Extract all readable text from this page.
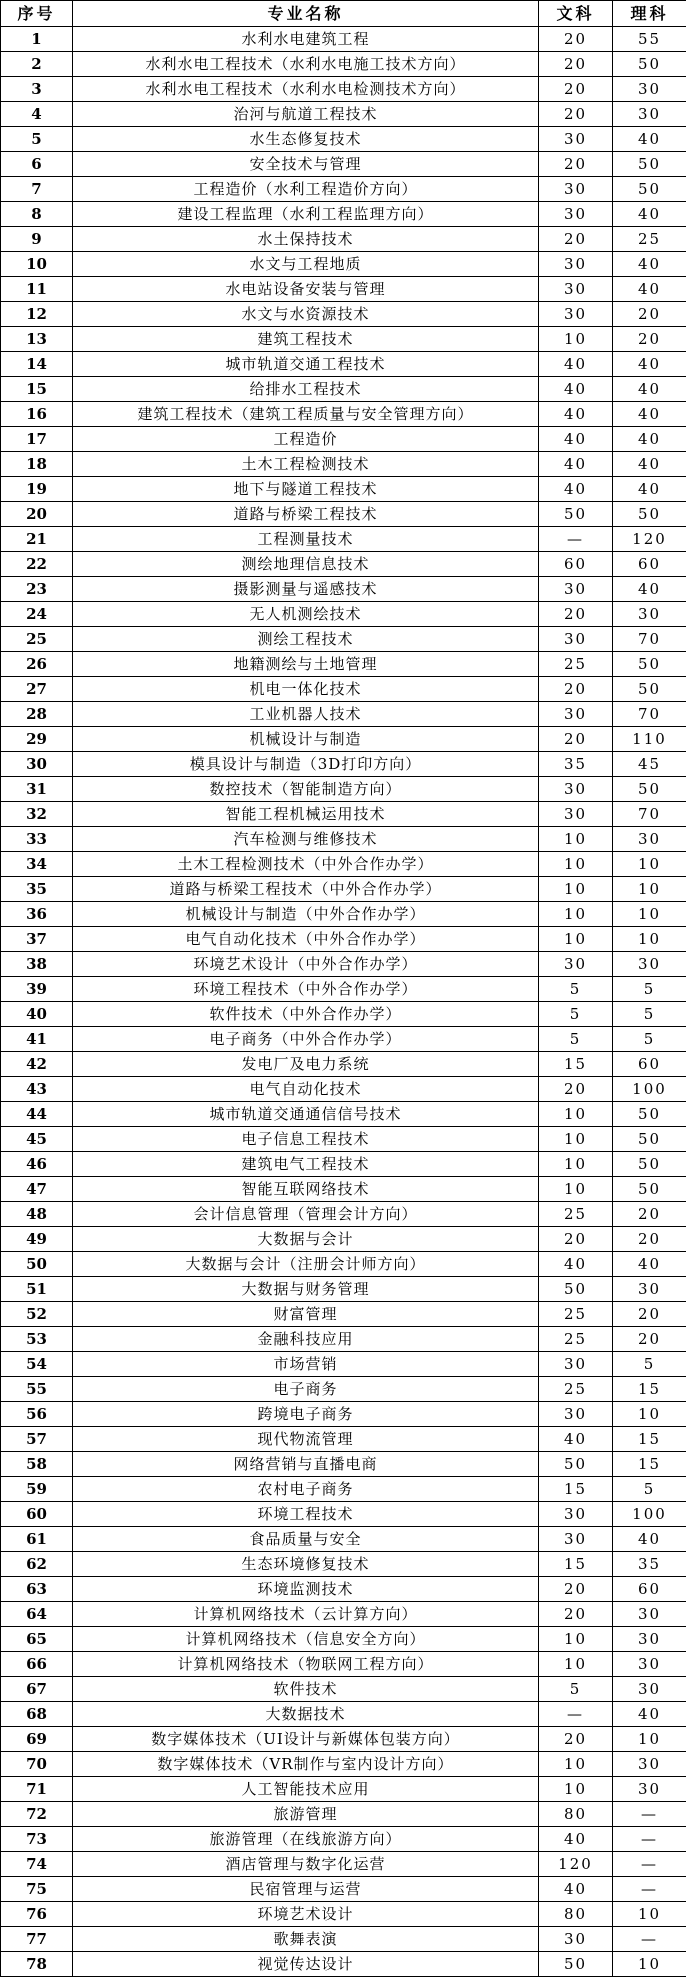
序号	专业名称	文科	理科
1	水利水电建筑工程	20	55
2	水利水电工程技术（水利水电施工技术方向）	20	50
3	水利水电工程技术（水利水电检测技术方向）	20	30
4	治河与航道工程技术	20	30
5	水生态修复技术	30	40
6	安全技术与管理	20	50
7	工程造价（水利工程造价方向）	30	50
8	建设工程监理（水利工程监理方向）	30	40
9	水土保持技术	20	25
10	水文与工程地质	30	40
11	水电站设备安装与管理	30	40
12	水文与水资源技术	30	20
13	建筑工程技术	10	20
14	城市轨道交通工程技术	40	40
15	给排水工程技术	40	40
16	建筑工程技术（建筑工程质量与安全管理方向）	40	40
17	工程造价	40	40
18	土木工程检测技术	40	40
19	地下与隧道工程技术	40	40
20	道路与桥梁工程技术	50	50
21	工程测量技术	—	120
22	测绘地理信息技术	60	60
23	摄影测量与遥感技术	30	40
24	无人机测绘技术	20	30
25	测绘工程技术	30	70
26	地籍测绘与土地管理	25	50
27	机电一体化技术	20	50
28	工业机器人技术	30	70
29	机械设计与制造	20	110
30	模具设计与制造（3D打印方向）	35	45
31	数控技术（智能制造方向）	30	50
32	智能工程机械运用技术	30	70
33	汽车检测与维修技术	10	30
34	土木工程检测技术（中外合作办学）	10	10
35	道路与桥梁工程技术（中外合作办学）	10	10
36	机械设计与制造（中外合作办学）	10	10
37	电气自动化技术（中外合作办学）	10	10
38	环境艺术设计（中外合作办学）	30	30
39	环境工程技术（中外合作办学）	5	5
40	软件技术（中外合作办学）	5	5
41	电子商务（中外合作办学）	5	5
42	发电厂及电力系统	15	60
43	电气自动化技术	20	100
44	城市轨道交通通信信号技术	10	50
45	电子信息工程技术	10	50
46	建筑电气工程技术	10	50
47	智能互联网络技术	10	50
48	会计信息管理（管理会计方向）	25	20
49	大数据与会计	20	20
50	大数据与会计（注册会计师方向）	40	40
51	大数据与财务管理	50	30
52	财富管理	25	20
53	金融科技应用	25	20
54	市场营销	30	5
55	电子商务	25	15
56	跨境电子商务	30	10
57	现代物流管理	40	15
58	网络营销与直播电商	50	15
59	农村电子商务	15	5
60	环境工程技术	30	100
61	食品质量与安全	30	40
62	生态环境修复技术	15	35
63	环境监测技术	20	60
64	计算机网络技术（云计算方向）	20	30
65	计算机网络技术（信息安全方向）	10	30
66	计算机网络技术（物联网工程方向）	10	30
67	软件技术	5	30
68	大数据技术	—	40
69	数字媒体技术（UI设计与新媒体包装方向）	20	10
70	数字媒体技术（VR制作与室内设计方向）	10	30
71	人工智能技术应用	10	30
72	旅游管理	80	—
73	旅游管理（在线旅游方向）	40	—
74	酒店管理与数字化运营	120	—
75	民宿管理与运营	40	—
76	环境艺术设计	80	10
77	歌舞表演	30	—
78	视觉传达设计	50	10
